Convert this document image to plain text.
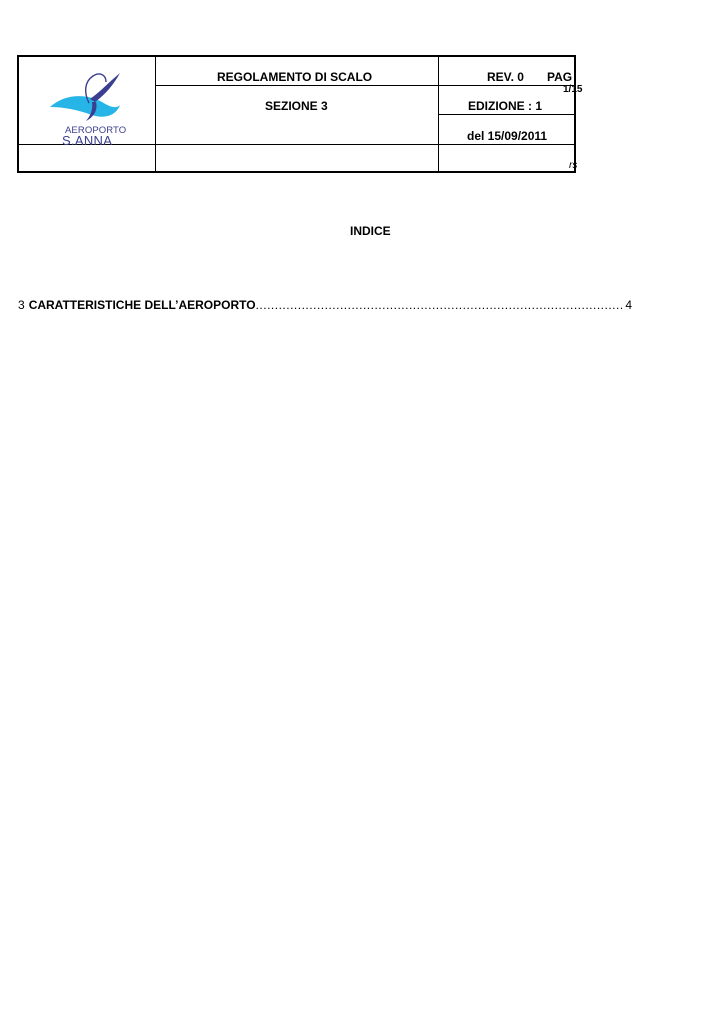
AEROPORTO
S.ANNA
REGOLAMENTO DI SCALO
SEZIONE 3
REV. 0 PAG
1/15
EDIZIONE : 1
del 15/09/2011
rs
INDICE
3 CARATTERISTICHE DELL’AEROPORTO
.....	4
